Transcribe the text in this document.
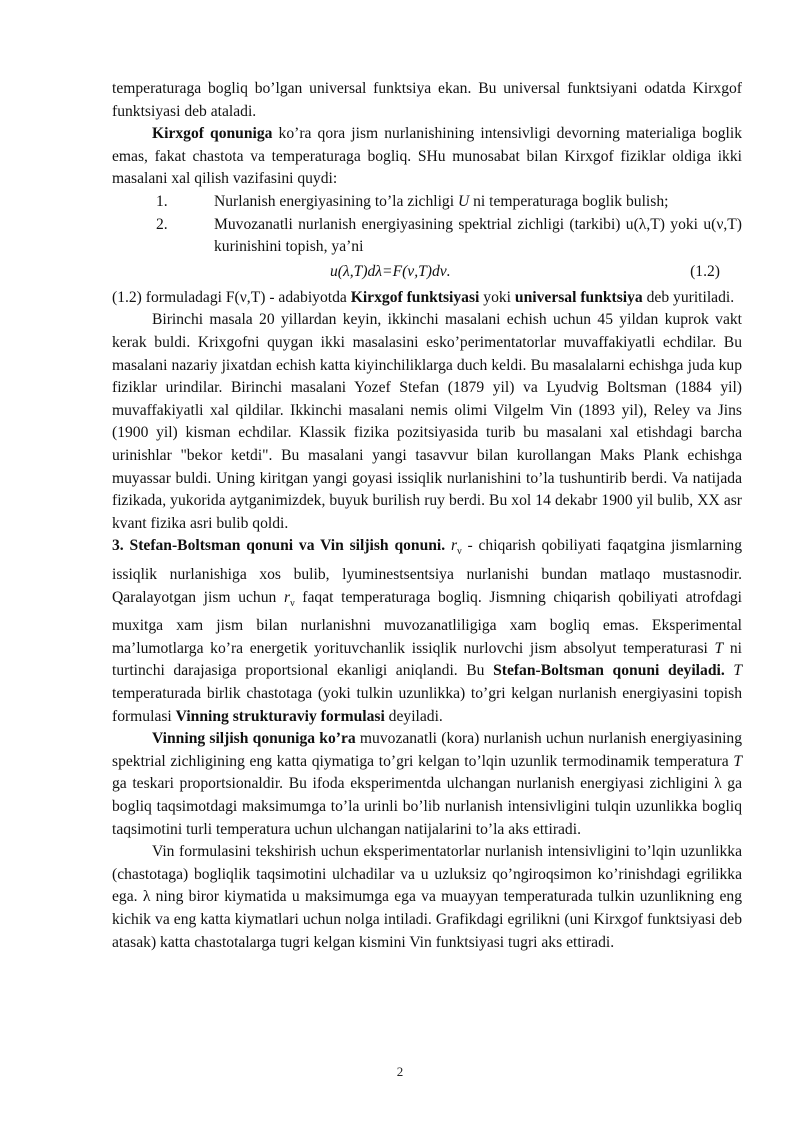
temperaturaga bogliq bo’lgan universal funktsiya ekan. Bu universal funktsiyani odatda Kirxgof funktsiyasi deb ataladi.

Kirxgof qonuniga ko’ra qora jism nurlanishining intensivligi devorning materialiga boglik emas, fakat chastota va temperaturaga bogliq. SHu munosabat bilan Kirxgof fiziklar oldiga ikki masalani xal qilish vazifasini quydi:

1.	Nurlanish energiyasining to’la zichligi U ni temperaturaga boglik bulish;
2.	Muvozanatli nurlanish energiyasining spektrial zichligi (tarkibi) u(λ,T) yoki u(ν,T) kurinishini topish, ya’ni
u(λ,T)dλ=F(ν,T)dν.	(1.2)

(1.2) formuladagi F(ν,T) - adabiyotda Kirxgof funktsiyasi yoki universal funktsiya deb yuritiladi.

Birinchi masala 20 yillardan keyin, ikkinchi masalani echish uchun 45 yildan kuprok vakt kerak buldi. Krixgofni quygan ikki masalasini esko’perimentatorlar muvaffakiyatli echdilar. Bu masalani nazariy jixatdan echish katta kiyinchiliklarga duch keldi. Bu masalalarni echishga juda kup fiziklar urindilar. Birinchi masalani Yozef Stefan (1879 yil) va Lyudvig Boltsman (1884 yil) muvaffakiyatli xal qildilar. Ikkinchi masalani nemis olimi Vilgelm Vin (1893 yil), Reley va Jins (1900 yil) kisman echdilar. Klassik fizika pozitsiyasida turib bu masalani xal etishdagi barcha urinishlar "bekor ketdi". Bu masalani yangi tasavvur bilan kurollangan Maks Plank echishga muyassar buldi. Uning kiritgan yangi goyasi issiqlik nurlanishini to’la tushuntirib berdi. Va natijada fizikada, yukorida aytganimizdek, buyuk burilish ruy berdi. Bu xol 14 dekabr 1900 yil bulib, XX asr kvant fizika asri bulib qoldi.

3. Stefan-Boltsman qonuni va Vin siljish qonuni. $r_\nu$ - chiqarish qobiliyati faqatgina jismlarning issiqlik nurlanishiga xos bulib, lyuminestsentsiya nurlanishi bundan matlaqo mustasnodir. Qaralayotgan jism uchun $r_\nu$ faqat temperaturaga bogliq. Jismning chiqarish qobiliyati atrofdagi muxitga xam jism bilan nurlanishni muvozanatliligiga xam bogliq emas. Eksperimental ma’lumotlarga ko’ra energetik yorituvchanlik issiqlik nurlovchi jism absolyut temperaturasi T ni turtinchi darajasiga proportsional ekanligi aniqlandi. Bu Stefan-Boltsman qonuni deyiladi. T temperaturada birlik chastotaga (yoki tulkin uzunlikka) to’gri kelgan nurlanish energiyasini topish formulasi Vinning strukturaviy formulasi deyiladi.

Vinning siljish qonuniga ko’ra muvozanatli (kora) nurlanish uchun nurlanish energiyasining spektrial zichligining eng katta qiymatiga to’gri kelgan to’lqin uzunlik termodinamik temperatura T ga teskari proportsionaldir. Bu ifoda eksperimentda ulchangan nurlanish energiyasi zichligini λ ga bogliq taqsimotdagi maksimumga to’la urinli bo’lib nurlanish intensivligini tulqin uzunlikka bogliq taqsimotini turli temperatura uchun ulchangan natijalarini to’la aks ettiradi.

Vin formulasini tekshirish uchun eksperimentatorlar nurlanish intensivligini to’lqin uzunlikka (chastotaga) bogliqlik taqsimotini ulchadilar va u uzluksiz qo’ngiroqsimon ko’rinishdagi egrilikka ega. λ ning biror kiymatida u maksimumga ega va muayyan temperaturada tulkin uzunlikning eng kichik va eng katta kiymatlari uchun nolga intiladi. Grafikdagi egrilikni (uni Kirxgof funktsiyasi deb atasak) katta chastotalarga tugri kelgan kismini Vin funktsiyasi tugri aks ettiradi.

2
